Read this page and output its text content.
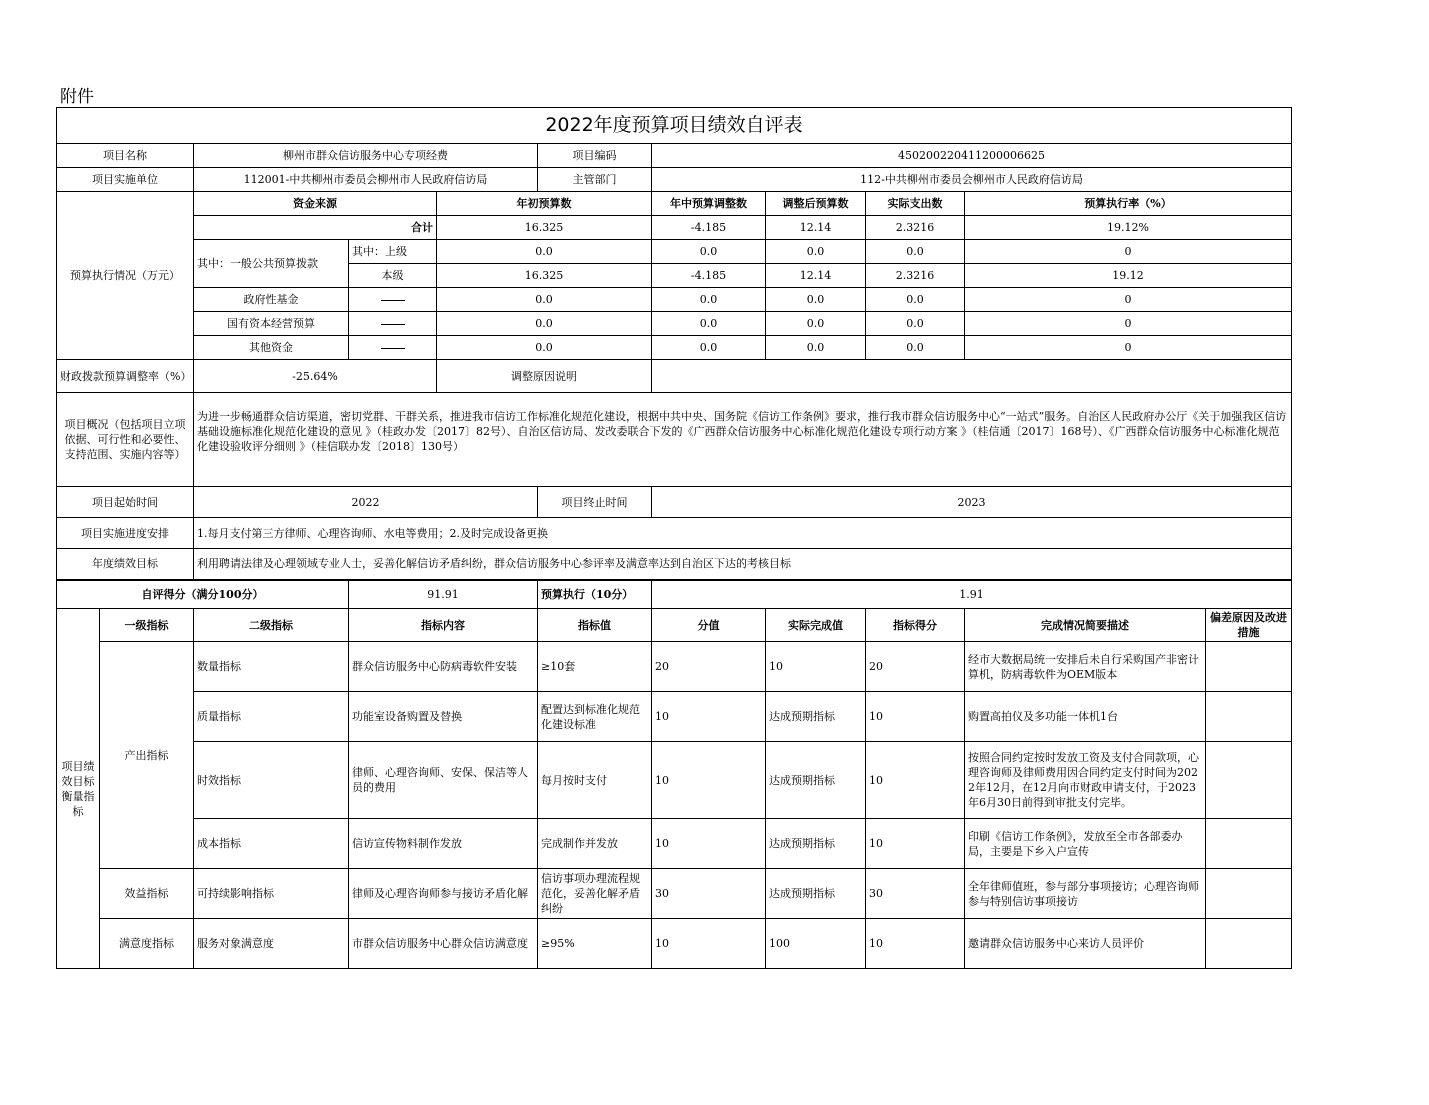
附件
2022年度预算项目绩效自评表										
项目名称		柳州市群众信访服务中心专项经费			项目编码	450200220411200006625				
项目实施单位		112001-中共柳州市委员会柳州市人民政府信访局			主管部门	112-中共柳州市委员会柳州市人民政府信访局				
预算执行情况（万元）		资金来源		年初预算数		年中预算调整数	调整后预算数	实际支出数	预算执行率（%）	
		合计		16.325		-4.185	12.14	2.3216	19.12%	
		其中：一般公共预算拨款	其中：上级	0.0		0.0	0.0	0.0	0	
			本级	16.325		-4.185	12.14	2.3216	19.12	
		政府性基金		0.0		0.0	0.0	0.0	0	
		国有资本经营预算		0.0		0.0	0.0	0.0	0	
		其他资金		0.0		0.0	0.0	0.0	0	
财政拨款预算调整率（%）		-25.64%		调整原因说明						
项目概况（包括项目立项依据、可行性和必要性、支持范围、实施内容等）		为进一步畅通群众信访渠道，密切党群、干群关系，推进我市信访工作标准化规范化建设，根据中共中央、国务院《信访工作条例》要求，推行我市群众信访服务中心“一站式”服务。自治区人民政府办公厅《关于加强我区信访基础设施标准化规范化建设的意见 》（桂政办发〔2017〕82号）、自治区信访局、发改委联合下发的《广西群众信访服务中心标准化规范化建设专项行动方案 》（桂信通〔2017〕168号）、《广西群众信访服务中心标准化规范化建设验收评分细则 》（桂信联办发〔2018〕130号）								
项目起始时间		2022			项目终止时间	2023				
项目实施进度安排		1.每月支付第三方律师、心理咨询师、水电等费用；2.及时完成设备更换								
年度绩效目标		利用聘请法律及心理领域专业人士，妥善化解信访矛盾纠纷，群众信访服务中心参评率及满意率达到自治区下达的考核目标								
自评得分（满分100分）			91.91		预算执行（10分）	1.91				
项目绩效目标衡量指标	一级指标	二级指标	指标内容		指标值	分值	实际完成值	指标得分	完成情况简要描述	偏差原因及改进措施
	产出指标	数量指标	群众信访服务中心防病毒软件安装		≥10套	20	10	20	经市大数据局统一安排后未自行采购国产非密计算机，防病毒软件为OEM版本	
		质量指标	功能室设备购置及替换		配置达到标准化规范化建设标准	10	达成预期指标	10	购置高拍仪及多功能一体机1台	
		时效指标	律师、心理咨询师、安保、保洁等人员的费用		每月按时支付	10	达成预期指标	10	按照合同约定按时发放工资及支付合同款项，心理咨询师及律师费用因合同约定支付时间为2022年12月，在12月向市财政申请支付，于2023年6月30日前得到审批支付完毕。	
		成本指标	信访宣传物料制作发放		完成制作并发放	10	达成预期指标	10	印刷《信访工作条例》，发放至全市各部委办局，主要是下乡入户宣传	
	效益指标	可持续影响指标	律师及心理咨询师参与接访矛盾化解		信访事项办理流程规范化，妥善化解矛盾纠纷	30	达成预期指标	30	全年律师值班，参与部分事项接访；心理咨询师参与特别信访事项接访	
	满意度指标	服务对象满意度	市群众信访服务中心群众信访满意度		≥95%	10	100	10	邀请群众信访服务中心来访人员评价	
